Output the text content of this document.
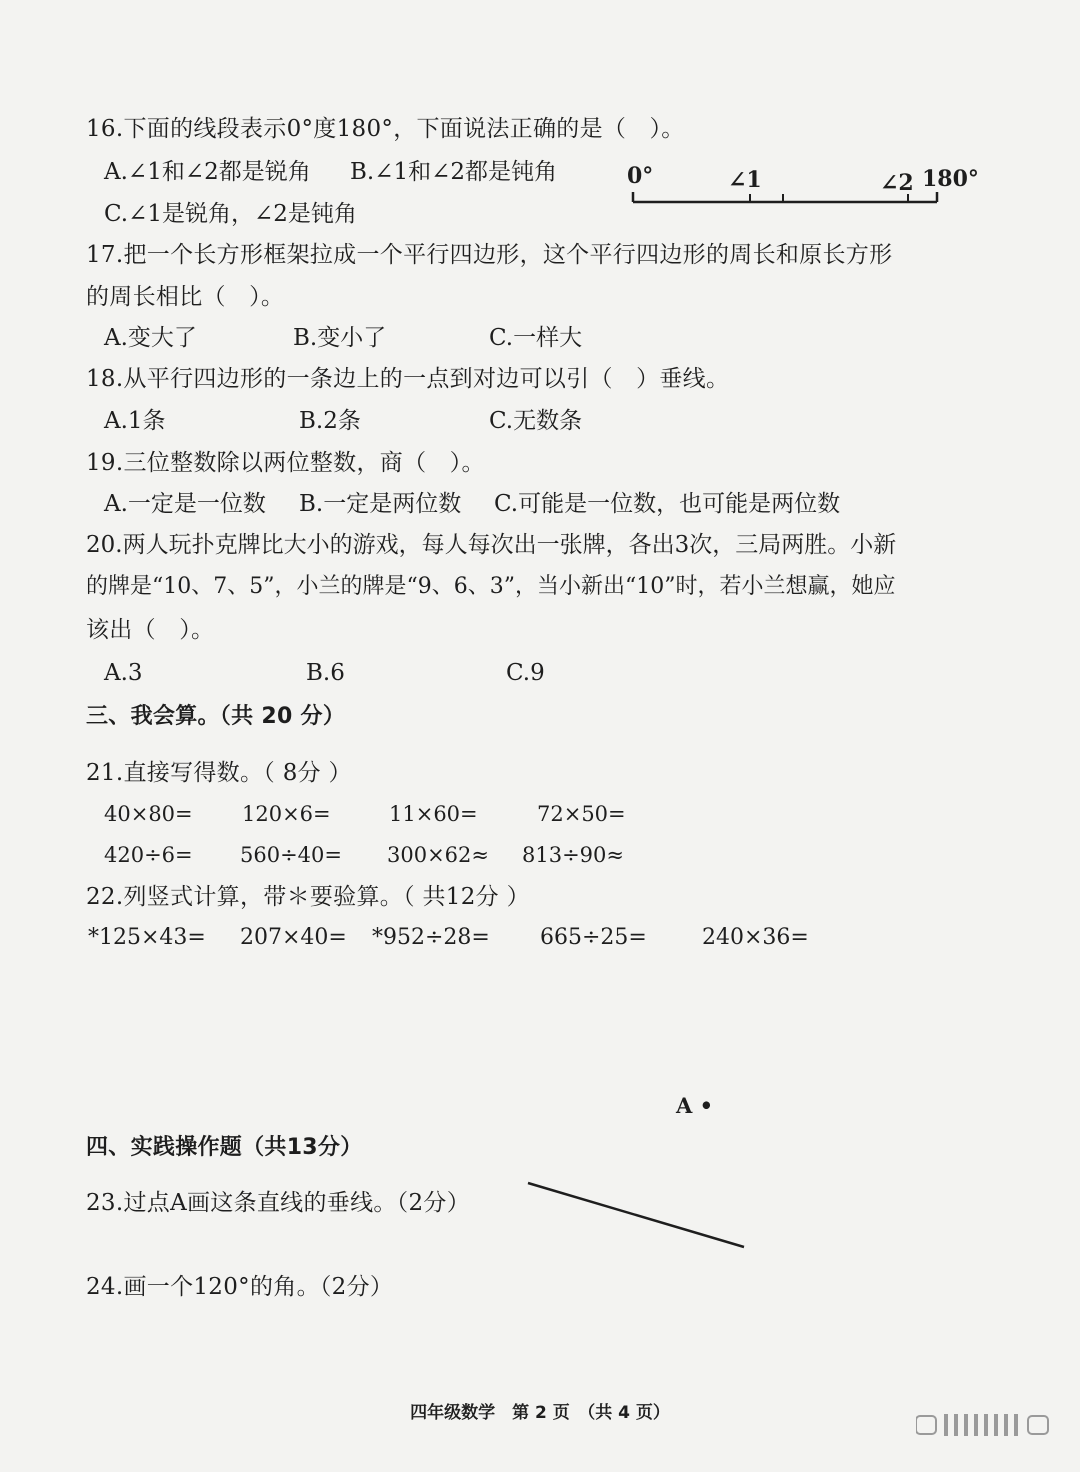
16.下面的线段表示0°度180°，下面说法正确的是（　）。
A.∠1和∠2都是锐角 B.∠1和∠2都是钝角
C.∠1是锐角，∠2是钝角
0°	∠1	∠2 180°
17.把一个长方形框架拉成一个平行四边形，这个平行四边形的周长和原长方形
的周长相比（　）。
A.变大了	B.变小了	C.一样大
18.从平行四边形的一条边上的一点到对边可以引（　）垂线。
A.1条	B.2条	C.无数条
19.三位整数除以两位整数，商（　）。
A.一定是一位数 B.一定是两位数 C.可能是一位数，也可能是两位数
20.两人玩扑克牌比大小的游戏，每人每次出一张牌，各出3次，三局两胜。小新
的牌是“10、7、5”，小兰的牌是“9、6、3”，当小新出“10”时，若小兰想赢，她应
该出（　）。
A.3	B.6	C.9
三、我会算。（共 20 分）
21.直接写得数。（ 8分 ）
40×80= 120×6=	11×60=	72×50=
420÷6= 560÷40= 300×62≈ 813÷90≈
22.列竖式计算，带＊要验算。（ 共12分 ）
*125×43= 207×40= *952÷28= 665÷25=	240×36=
A •
四、实践操作题（共13分）
23.过点A画这条直线的垂线。（2分）
24.画一个120°的角。（2分）
四年级数学　第 2 页　（共 4 页）
